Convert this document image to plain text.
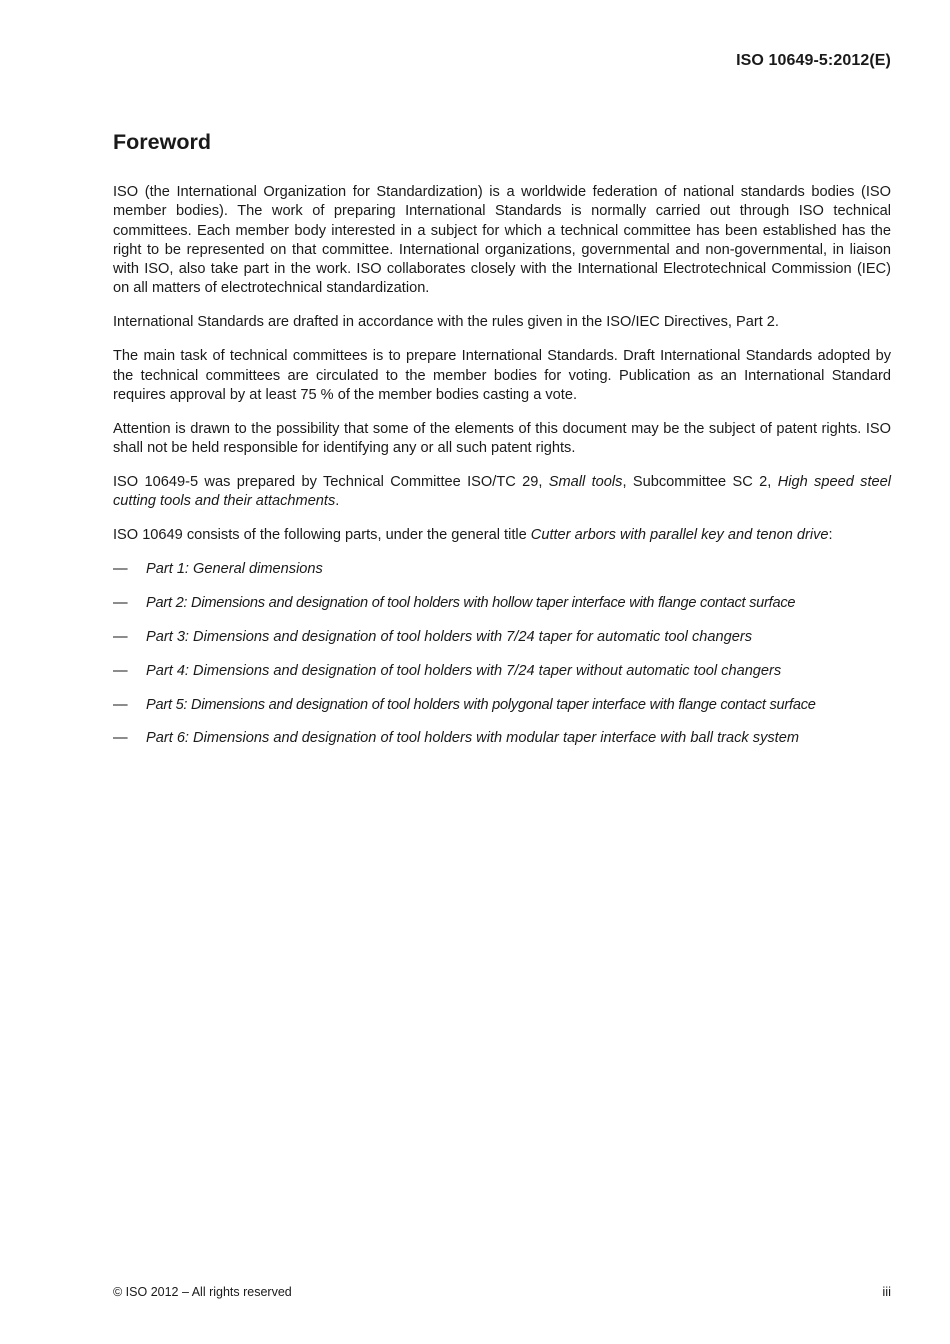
ISO 10649-5:2012(E)
Foreword

ISO (the International Organization for Standardization) is a worldwide federation of national standards bodies (ISO member bodies). The work of preparing International Standards is normally carried out through ISO technical committees. Each member body interested in a subject for which a technical committee has been established has the right to be represented on that committee. International organizations, governmental and non-governmental, in liaison with ISO, also take part in the work. ISO collaborates closely with the International Electrotechnical Commission (IEC) on all matters of electrotechnical standardization.

International Standards are drafted in accordance with the rules given in the ISO/IEC Directives, Part 2.

The main task of technical committees is to prepare International Standards. Draft International Standards adopted by the technical committees are circulated to the member bodies for voting. Publication as an International Standard requires approval by at least 75 % of the member bodies casting a vote.

Attention is drawn to the possibility that some of the elements of this document may be the subject of patent rights. ISO shall not be held responsible for identifying any or all such patent rights.

ISO 10649-5 was prepared by Technical Committee ISO/TC 29, Small tools, Subcommittee SC 2, High speed steel cutting tools and their attachments.

ISO 10649 consists of the following parts, under the general title Cutter arbors with parallel key and tenon drive:

— Part 1: General dimensions
— Part 2: Dimensions and designation of tool holders with hollow taper interface with flange contact surface
— Part 3: Dimensions and designation of tool holders with 7/24 taper for automatic tool changers
— Part 4: Dimensions and designation of tool holders with 7/24 taper without automatic tool changers
— Part 5: Dimensions and designation of tool holders with polygonal taper interface with flange contact surface
— Part 6: Dimensions and designation of tool holders with modular taper interface with ball track system
© ISO 2012 – All rights reserved	iii
